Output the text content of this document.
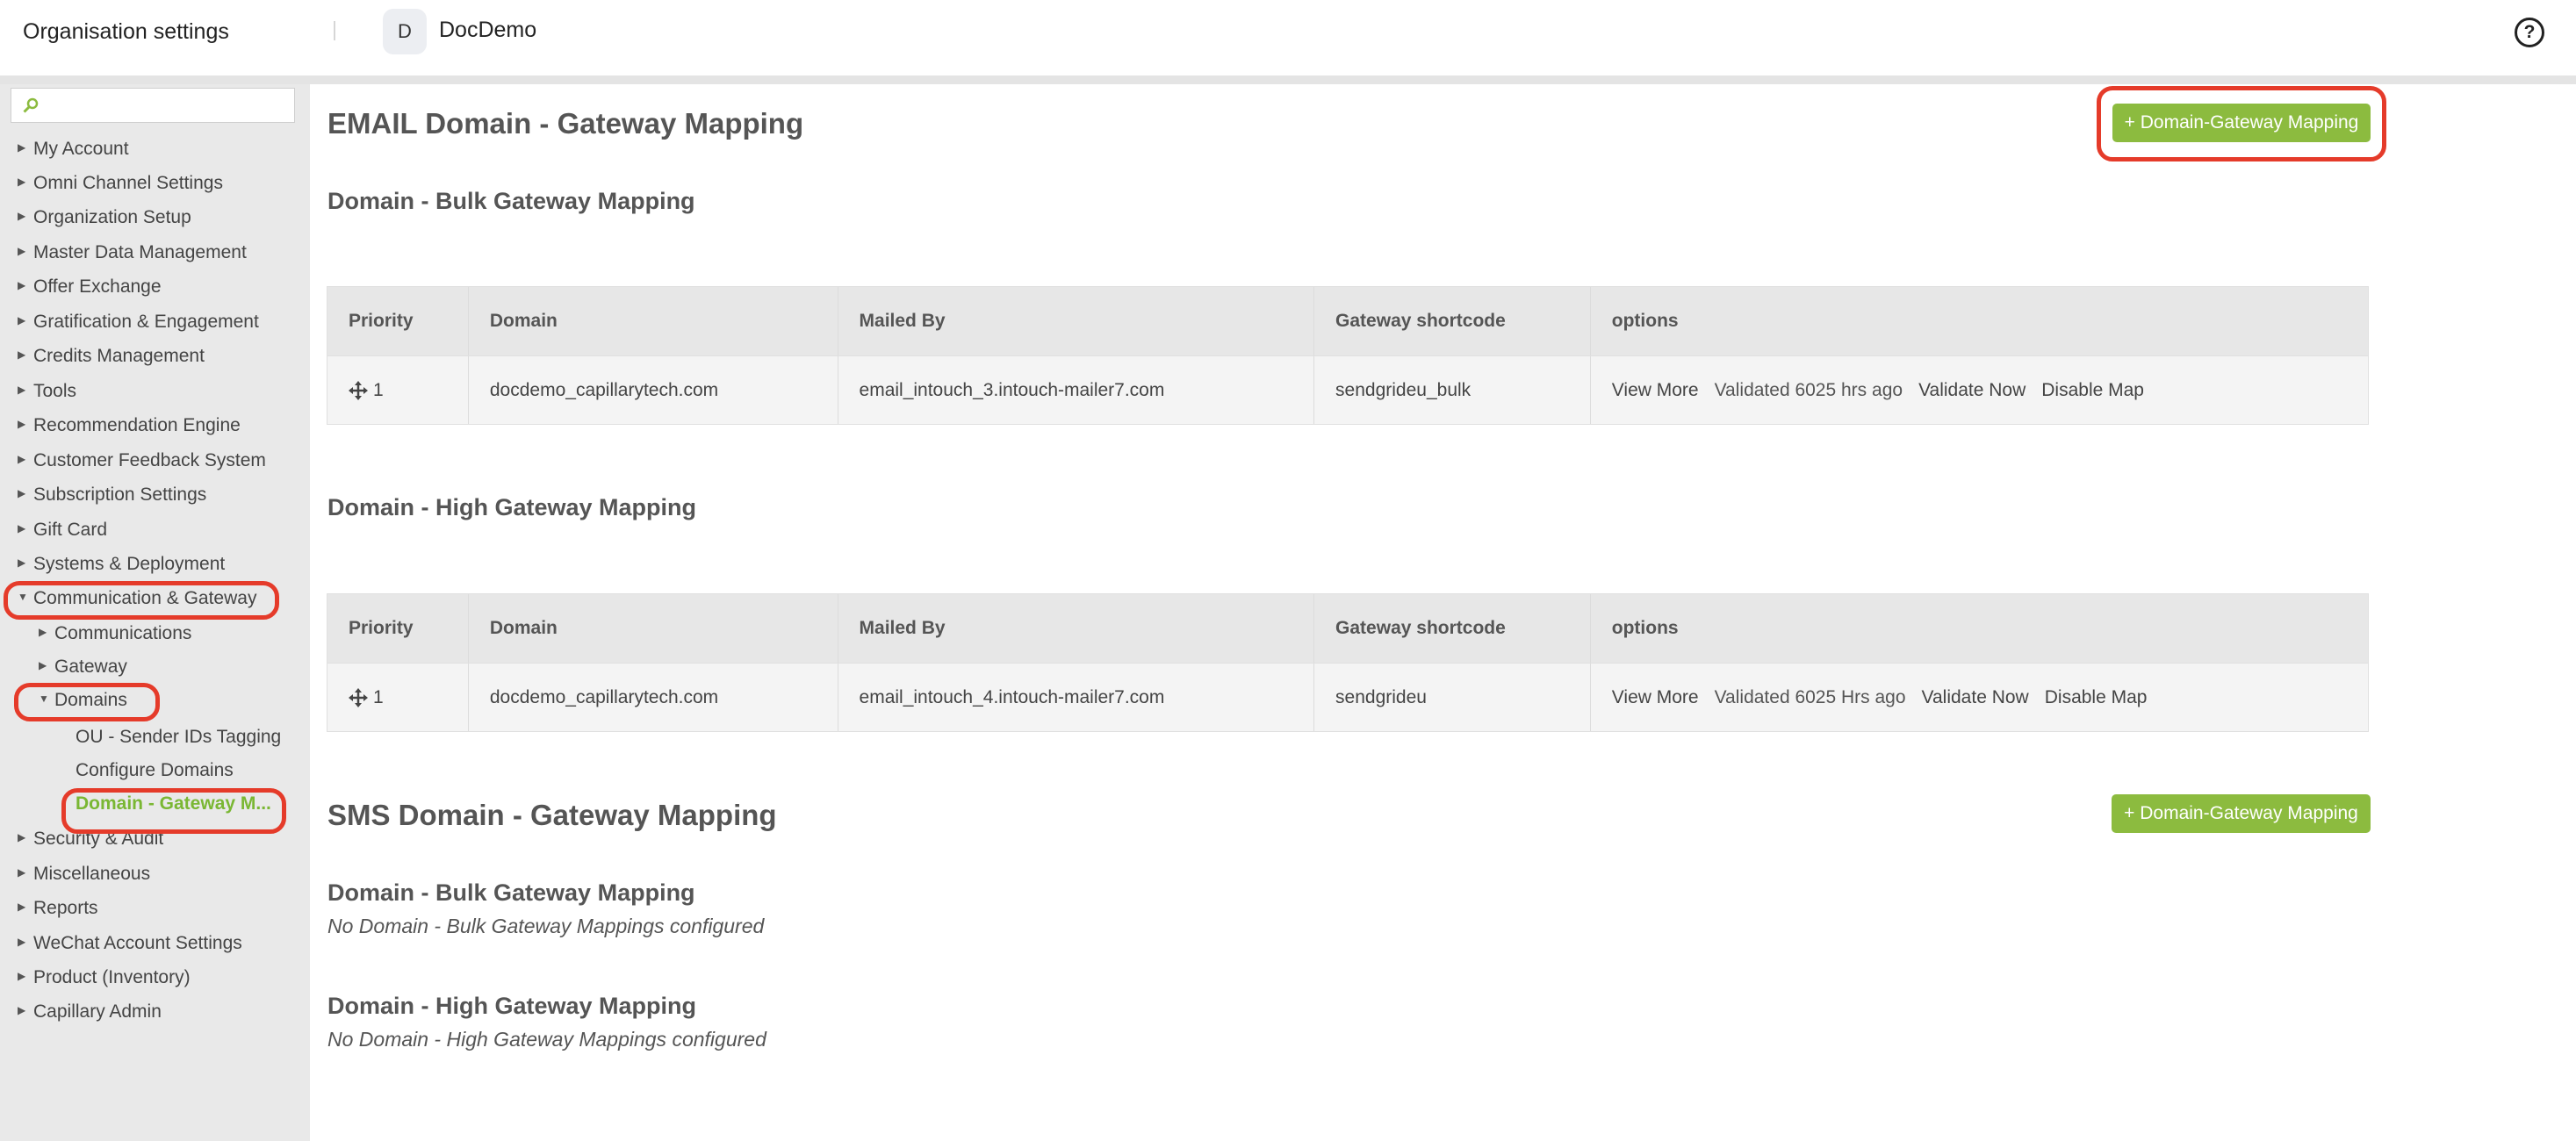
Organisation settings	D	DocDemo	?
▶ My Account
▶ Omni Channel Settings
▶ Organization Setup
▶ Master Data Management
▶ Offer Exchange
▶ Gratification & Engagement
▶ Credits Management
▶ Tools
▶ Recommendation Engine
▶ Customer Feedback System
▶ Subscription Settings
▶ Gift Card
▶ Systems & Deployment
▼ Communication & Gateway
▶ Communications
▶ Gateway
▼ Domains
OU - Sender IDs Tagging
Configure Domains
Domain - Gateway M...
▶ Security & Audit
▶ Miscellaneous
▶ Reports
▶ WeChat Account Settings
▶ Product (Inventory)
▶ Capillary Admin
EMAIL Domain - Gateway Mapping	+ Domain-Gateway Mapping
Domain - Bulk Gateway Mapping
Priority	Domain	Mailed By	Gateway shortcode	options
1	docdemo_capillarytech.com	email_intouch_3.intouch-mailer7.com	sendgrideu_bulk	View More Validated 6025 hrs ago Validate Now Disable Map
Domain - High Gateway Mapping
Priority	Domain	Mailed By	Gateway shortcode	options
1	docdemo_capillarytech.com	email_intouch_4.intouch-mailer7.com	sendgrideu	View More Validated 6025 Hrs ago Validate Now Disable Map
SMS Domain - Gateway Mapping	+ Domain-Gateway Mapping
Domain - Bulk Gateway Mapping
No Domain - Bulk Gateway Mappings configured
Domain - High Gateway Mapping
No Domain - High Gateway Mappings configured
